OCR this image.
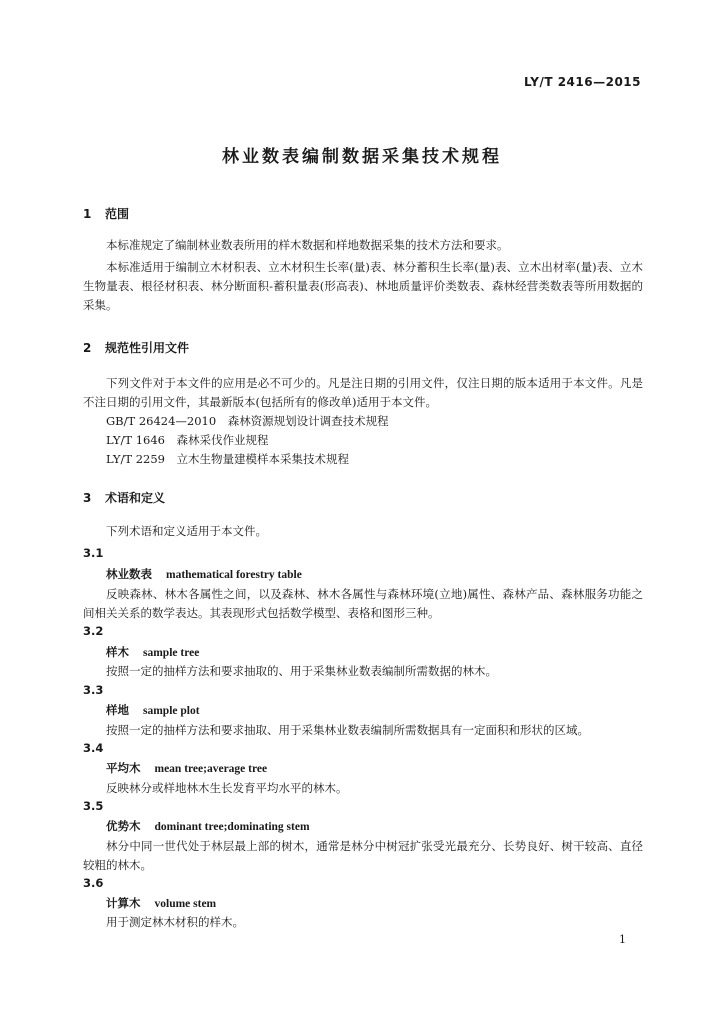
LY/T 2416—2015
林业数表编制数据采集技术规程
1 范围
本标准规定了编制林业数表所用的样木数据和样地数据采集的技术方法和要求。
本标准适用于编制立木材积表、立木材积生长率(量)表、林分蓄积生长率(量)表、立木出材率(量)表、立木生物量表、根径材积表、林分断面积-蓄积量表(形高表)、林地质量评价类数表、森林经营类数表等所用数据的采集。
2 规范性引用文件
下列文件对于本文件的应用是必不可少的。凡是注日期的引用文件，仅注日期的版本适用于本文件。凡是不注日期的引用文件，其最新版本(包括所有的修改单)适用于本文件。
GB/T 26424—2010　森林资源规划设计调查技术规程
LY/T 1646　森林采伐作业规程
LY/T 2259　立木生物量建模样本采集技术规程
3 术语和定义
下列术语和定义适用于本文件。
3.1
林业数表 mathematical forestry table
反映森林、林木各属性之间，以及森林、林木各属性与森林环境(立地)属性、森林产品、森林服务功能之间相关关系的数学表达。其表现形式包括数学模型、表格和图形三种。
3.2
样木 sample tree
按照一定的抽样方法和要求抽取的、用于采集林业数表编制所需数据的林木。
3.3
样地 sample plot
按照一定的抽样方法和要求抽取、用于采集林业数表编制所需数据具有一定面积和形状的区域。
3.4
平均木 mean tree;average tree
反映林分或样地林木生长发育平均水平的林木。
3.5
优势木 dominant tree;dominating stem
林分中同一世代处于林层最上部的树木，通常是林分中树冠扩张受光最充分、长势良好、树干较高、直径较粗的林木。
3.6
计算木 volume stem
用于测定林木材积的样木。
1
